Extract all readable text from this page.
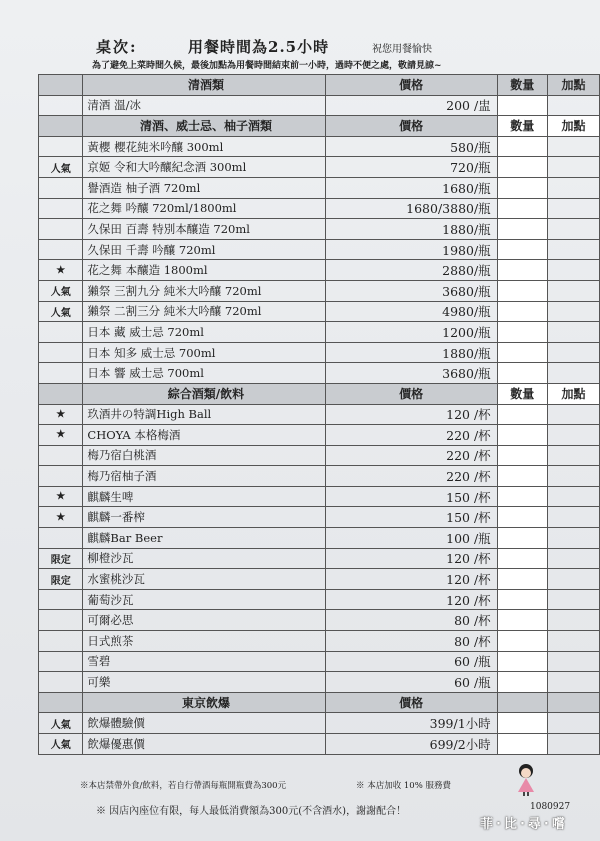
桌次:	用餐時間為2.5小時	祝您用餐愉快
為了避免上菜時間久候，最後加點為用餐時間結束前一小時，過時不便之處，敬請見諒~
	清酒類	價格	數量	加點
	清酒 溫/冰	200 /盅		
	清酒、威士忌、柚子酒類	價格	數量	加點
	黃櫻 櫻花純米吟釀 300ml	580/瓶		
人氣	京姬 令和大吟釀紀念酒 300ml	720/瓶		
	譽酒造 柚子酒 720ml	1680/瓶		
	花之舞 吟釀 720ml/1800ml	1680/3880/瓶		
	久保田 百壽 特別本釀造 720ml	1880/瓶		
	久保田 千壽 吟釀 720ml	1980/瓶		
★	花之舞 本釀造 1800ml	2880/瓶		
人氣	獺祭 三割九分 純米大吟釀 720ml	3680/瓶		
人氣	獺祭 二割三分 純米大吟釀 720ml	4980/瓶		
	日本 藏 威士忌 720ml	1200/瓶		
	日本 知多 威士忌 700ml	1880/瓶		
	日本 響 威士忌 700ml	3680/瓶		
	綜合酒類/飲料	價格	數量	加點
★	玖酒井の特調High Ball	120 /杯		
★	CHOYA 本格梅酒	220 /杯		
	梅乃宿白桃酒	220 /杯		
	梅乃宿柚子酒	220 /杯		
★	麒麟生啤	150 /杯		
★	麒麟一番榨	150 /杯		
	麒麟Bar Beer	100 /瓶		
限定	柳橙沙瓦	120 /杯		
限定	水蜜桃沙瓦	120 /杯		
	葡萄沙瓦	120 /杯		
	可爾必思	80 /杯		
	日式煎茶	80 /杯		
	雪碧	60 /瓶		
	可樂	60 /瓶		
	東京飲爆	價格		
人氣	飲爆體驗價	399/1小時		
人氣	飲爆優惠價	699/2小時		
※本店禁帶外食/飲料，若自行帶酒每瓶開瓶費為300元	※ 本店加收 10% 服務費
※ 因店內座位有限，每人最低消費額為300元(不含酒水)，謝謝配合！	1080927
菲·比·尋·嚐
